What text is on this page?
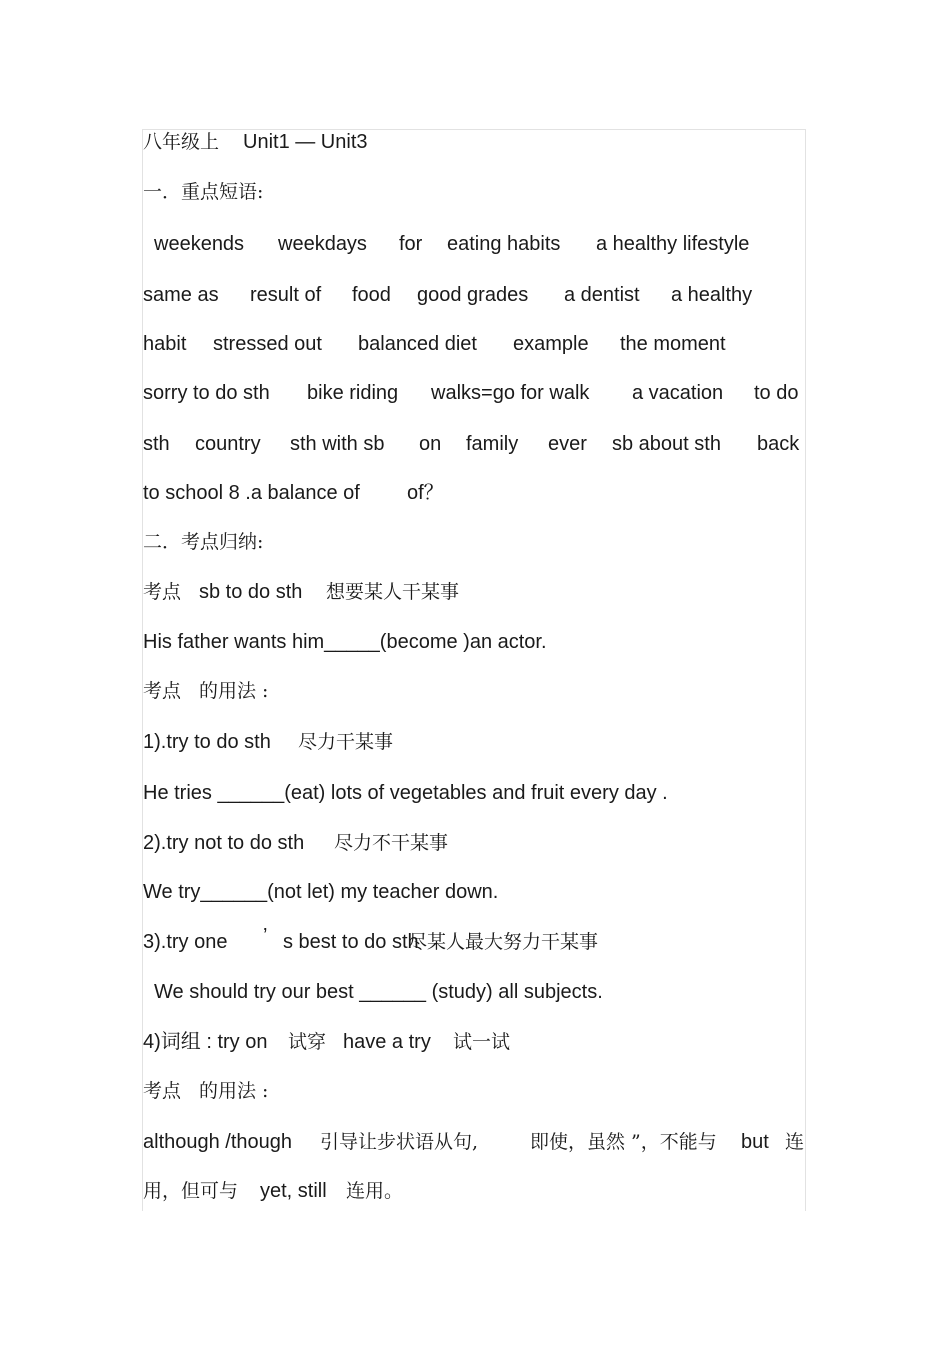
八年级上 Unit1 — Unit3
一．重点短语:
weekends weekdays for eating habits a healthy lifestyle
same as result of food good grades a dentist a healthy
habit stressed out balanced diet example the moment
sorry to do sth bike riding walks=go for walk a vacation to do
sth country sth with sb on family ever sb about sth back
to school 8 .a balance of of？
二．考点归纳:
考点 sb to do sth 想要某人干某事
His father wants him_____(become )an actor.
考点 的用法 :
1).try to do sth 尽力干某事
He tries ______(eat) lots of vegetables and fruit every day .
2).try not to do sth 尽力不干某事
We try______(not let) my teacher down.
3).try one ’ s best to do sth
尽某人最大努力干某事
We should try our best ______ (study) all subjects.
4)词组 : try on 试穿 have a try 试一试
考点 的用法 :
although /though 引导让步状语从句,	即使，虽然 ”，不能与 but 连
用，但可与 yet, still 连用。
